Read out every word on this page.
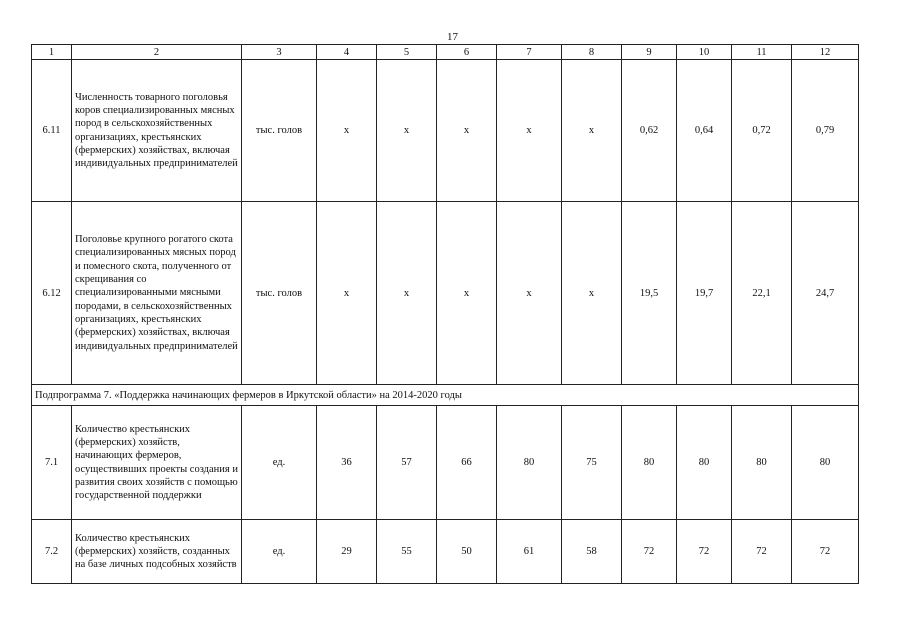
17
1	2	3	4	5	6	7	8	9	10	11	12
6.11	Численность товарного поголовья коров специализированных мясных пород в сельскохозяйственных организациях, крестьянских (фермерских) хозяйствах, включая индивидуальных предпринимателей	тыс. голов	x	x	x	x	x	0,62	0,64	0,72	0,79
6.12	Поголовье крупного рогатого скота специализированных мясных пород и помесного скота, полученного от скрещивания со специализированными мясными породами, в сельскохозяйственных организациях, крестьянских (фермерских) хозяйствах, включая индивидуальных предпринимателей	тыс. голов	x	x	x	x	x	19,5	19,7	22,1	24,7
Подпрограмма 7. «Поддержка начинающих фермеров в Иркутской области» на 2014-2020 годы											
7.1	Количество крестьянских (фермерских) хозяйств, начинающих фермеров, осуществивших проекты создания и развития своих хозяйств с помощью государственной поддержки	ед.	36	57	66	80	75	80	80	80	80
7.2	Количество крестьянских (фермерских) хозяйств, созданных на базе личных подсобных хозяйств	ед.	29	55	50	61	58	72	72	72	72
